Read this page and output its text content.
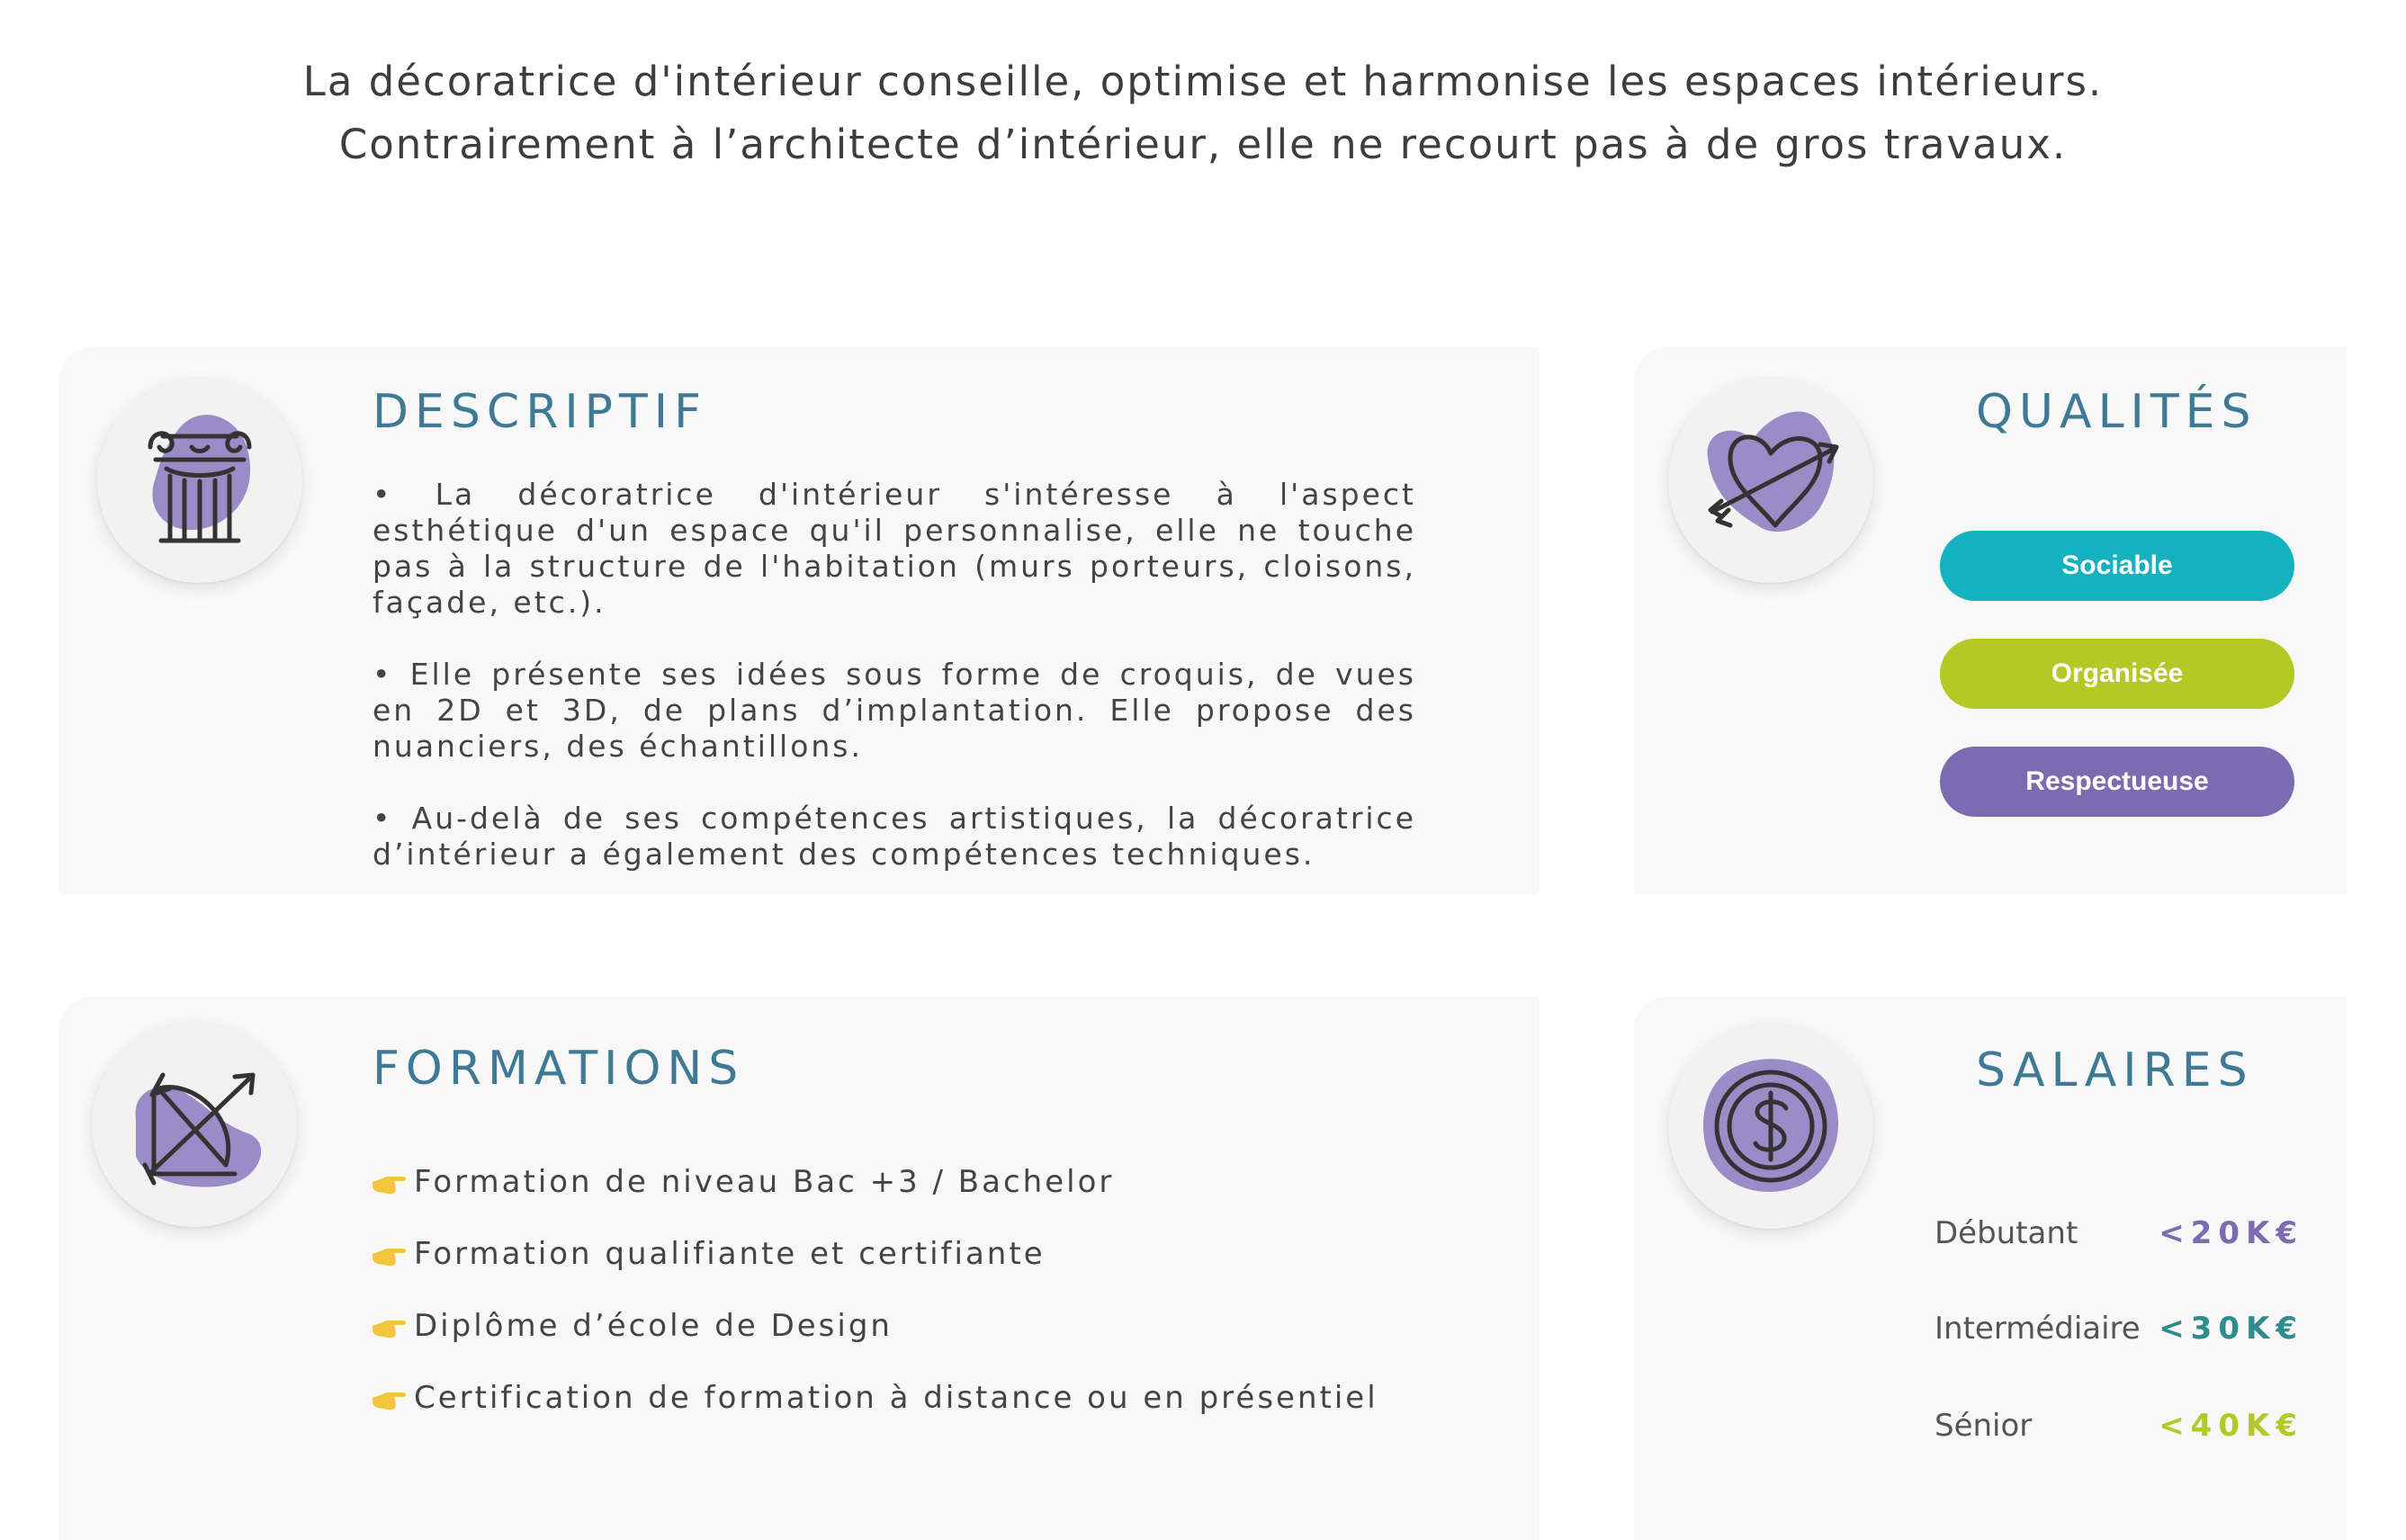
La décoratrice d'intérieur conseille, optimise et harmonise les espaces intérieurs.
Contrairement à l’architecte d’intérieur, elle ne recourt pas à de gros travaux.
DESCRIPTIF

• La décoratrice d'intérieur s'intéresse à l'aspect esthétique d'un espace qu'il personnalise, elle ne touche pas à la structure de l'habitation (murs porteurs, cloisons, façade, etc.).

• Elle présente ses idées sous forme de croquis, de vues en 2D et 3D, de plans d’implantation. Elle propose des nuanciers, des échantillons.

• Au-delà de ses compétences artistiques, la décoratrice d’intérieur a également des compétences techniques.

QUALITÉS
Sociable
Organisée
Respectueuse
FORMATIONS
Formation de niveau Bac +3 / Bachelor
Formation qualifiante et certifiante
Diplôme d’école de Design
Certification de formation à distance ou en présentiel
SALAIRES
Débutant	<20K€
Intermédiaire <30K€
Sénior	<40K€
